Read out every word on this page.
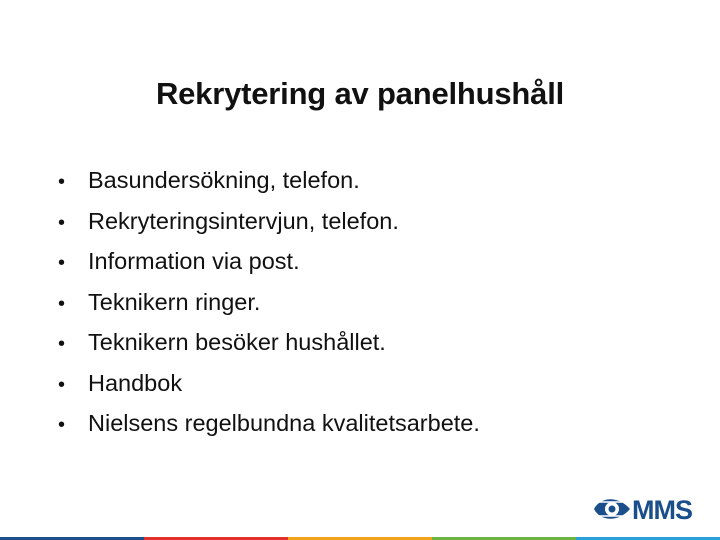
Rekrytering av panelhushåll
• Basundersökning, telefon.
• Rekryteringsintervjun, telefon.
• Information via post.
• Teknikern ringer.
• Teknikern besöker hushållet.
• Handbok
• Nielsens regelbundna kvalitetsarbete.
MMS
